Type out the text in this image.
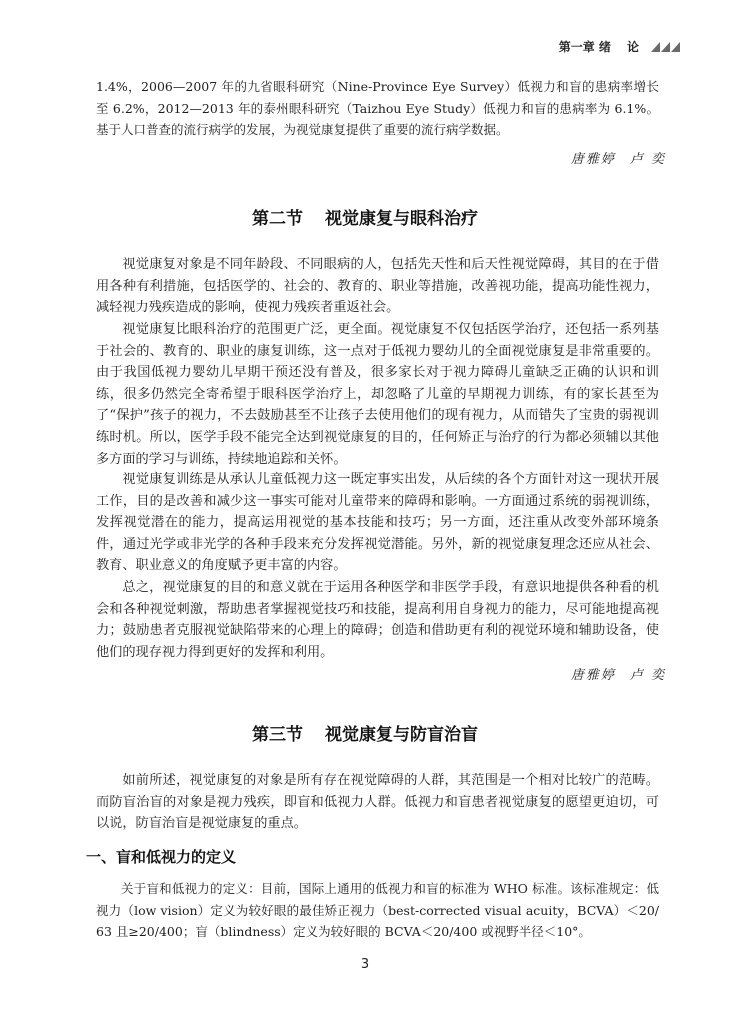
第一章 绪 论

1.4%，2006—2007 年的九省眼科研究（Nine-Province Eye Survey）低视力和盲的患病率增长至 6.2%，2012—2013 年的泰州眼科研究（Taizhou Eye Study）低视力和盲的患病率为 6.1%。基于人口普查的流行病学的发展，为视觉康复提供了重要的流行病学数据。

唐雅婷 卢 奕
第二节 视觉康复与眼科治疗

视觉康复对象是不同年龄段、不同眼病的人，包括先天性和后天性视觉障碍，其目的在于借用各种有利措施，包括医学的、社会的、教育的、职业等措施，改善视功能，提高功能性视力，减轻视力残疾造成的影响，使视力残疾者重返社会。

视觉康复比眼科治疗的范围更广泛，更全面。视觉康复不仅包括医学治疗，还包括一系列基于社会的、教育的、职业的康复训练，这一点对于低视力婴幼儿的全面视觉康复是非常重要的。由于我国低视力婴幼儿早期干预还没有普及，很多家长对于视力障碍儿童缺乏正确的认识和训练，很多仍然完全寄希望于眼科医学治疗上，却忽略了儿童的早期视力训练，有的家长甚至为了“保护”孩子的视力，不去鼓励甚至不让孩子去使用他们的现有视力，从而错失了宝贵的弱视训练时机。所以，医学手段不能完全达到视觉康复的目的，任何矫正与治疗的行为都必须辅以其他多方面的学习与训练，持续地追踪和关怀。

视觉康复训练是从承认儿童低视力这一既定事实出发，从后续的各个方面针对这一现状开展工作，目的是改善和减少这一事实可能对儿童带来的障碍和影响。一方面通过系统的弱视训练，发挥视觉潜在的能力，提高运用视觉的基本技能和技巧；另一方面，还注重从改变外部环境条件，通过光学或非光学的各种手段来充分发挥视觉潜能。另外，新的视觉康复理念还应从社会、教育、职业意义的角度赋予更丰富的内容。

总之，视觉康复的目的和意义就在于运用各种医学和非医学手段，有意识地提供各种看的机会和各种视觉刺激，帮助患者掌握视觉技巧和技能，提高利用自身视力的能力，尽可能地提高视力；鼓励患者克服视觉缺陷带来的心理上的障碍；创造和借助更有利的视觉环境和辅助设备，使他们的现存视力得到更好的发挥和利用。

唐雅婷 卢 奕
第三节 视觉康复与防盲治盲

如前所述，视觉康复的对象是所有存在视觉障碍的人群，其范围是一个相对比较广的范畴。而防盲治盲的对象是视力残疾，即盲和低视力人群。低视力和盲患者视觉康复的愿望更迫切，可以说，防盲治盲是视觉康复的重点。

一、盲和低视力的定义

关于盲和低视力的定义：目前，国际上通用的低视力和盲的标准为 WHO 标准。该标准规定：低视力（low vision）定义为较好眼的最佳矫正视力（best-corrected visual acuity，BCVA）＜20/63 且≥20/400；盲（blindness）定义为较好眼的 BCVA＜20/400 或视野半径＜10°。

3
